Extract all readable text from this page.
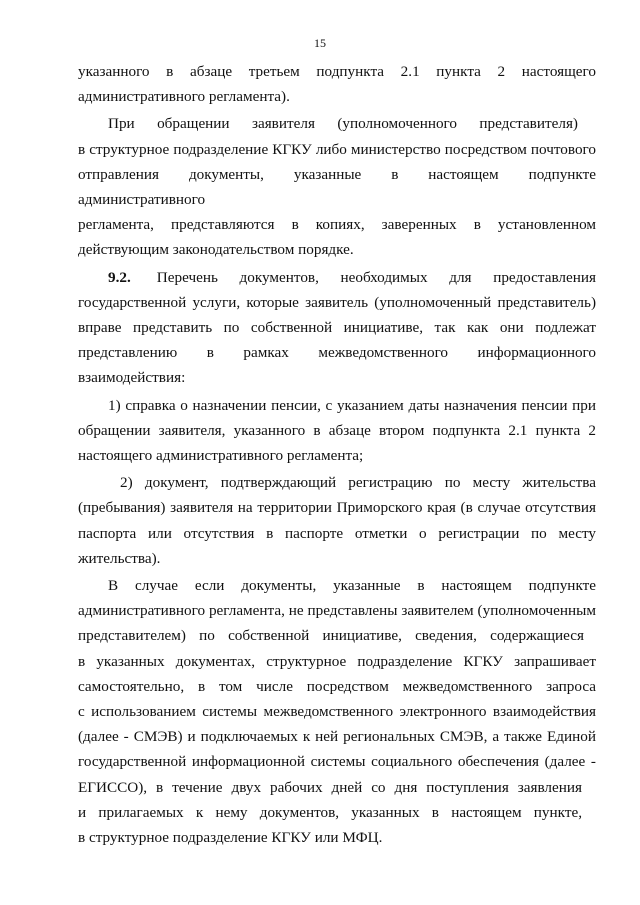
15
указанного в абзаце третьем подпункта 2.1 пункта 2 настоящего
административного регламента).
При обращении заявителя (уполномоченного представителя)
в структурное подразделение КГКУ либо министерство посредством почтового
отправления документы, указанные в настоящем подпункте административного
регламента, представляются в копиях, заверенных в установленном
действующим законодательством порядке.
9.2. Перечень документов, необходимых для предоставления
государственной услуги, которые заявитель (уполномоченный представитель)
вправе представить по собственной инициативе, так как они подлежат
представлению в рамках межведомственного информационного
взаимодействия:
1) справка о назначении пенсии, с указанием даты назначения пенсии при
обращении заявителя, указанного в абзаце втором подпункта 2.1 пункта 2
настоящего административного регламента;
2) документ, подтверждающий регистрацию по месту жительства
(пребывания) заявителя на территории Приморского края (в случае отсутствия
паспорта или отсутствия в паспорте отметки о регистрации по месту
жительства).
В случае если документы, указанные в настоящем подпункте
административного регламента, не представлены заявителем (уполномоченным
представителем) по собственной инициативе, сведения, содержащиеся
в указанных документах, структурное подразделение КГКУ запрашивает
самостоятельно, в том числе посредством межведомственного запроса
с использованием системы межведомственного электронного взаимодействия
(далее - СМЭВ) и подключаемых к ней региональных СМЭВ, а также Единой
государственной информационной системы социального обеспечения (далее -
ЕГИССО), в течение двух рабочих дней со дня поступления заявления
и прилагаемых к нему документов, указанных в настоящем пункте,
в структурное подразделение КГКУ или МФЦ.
